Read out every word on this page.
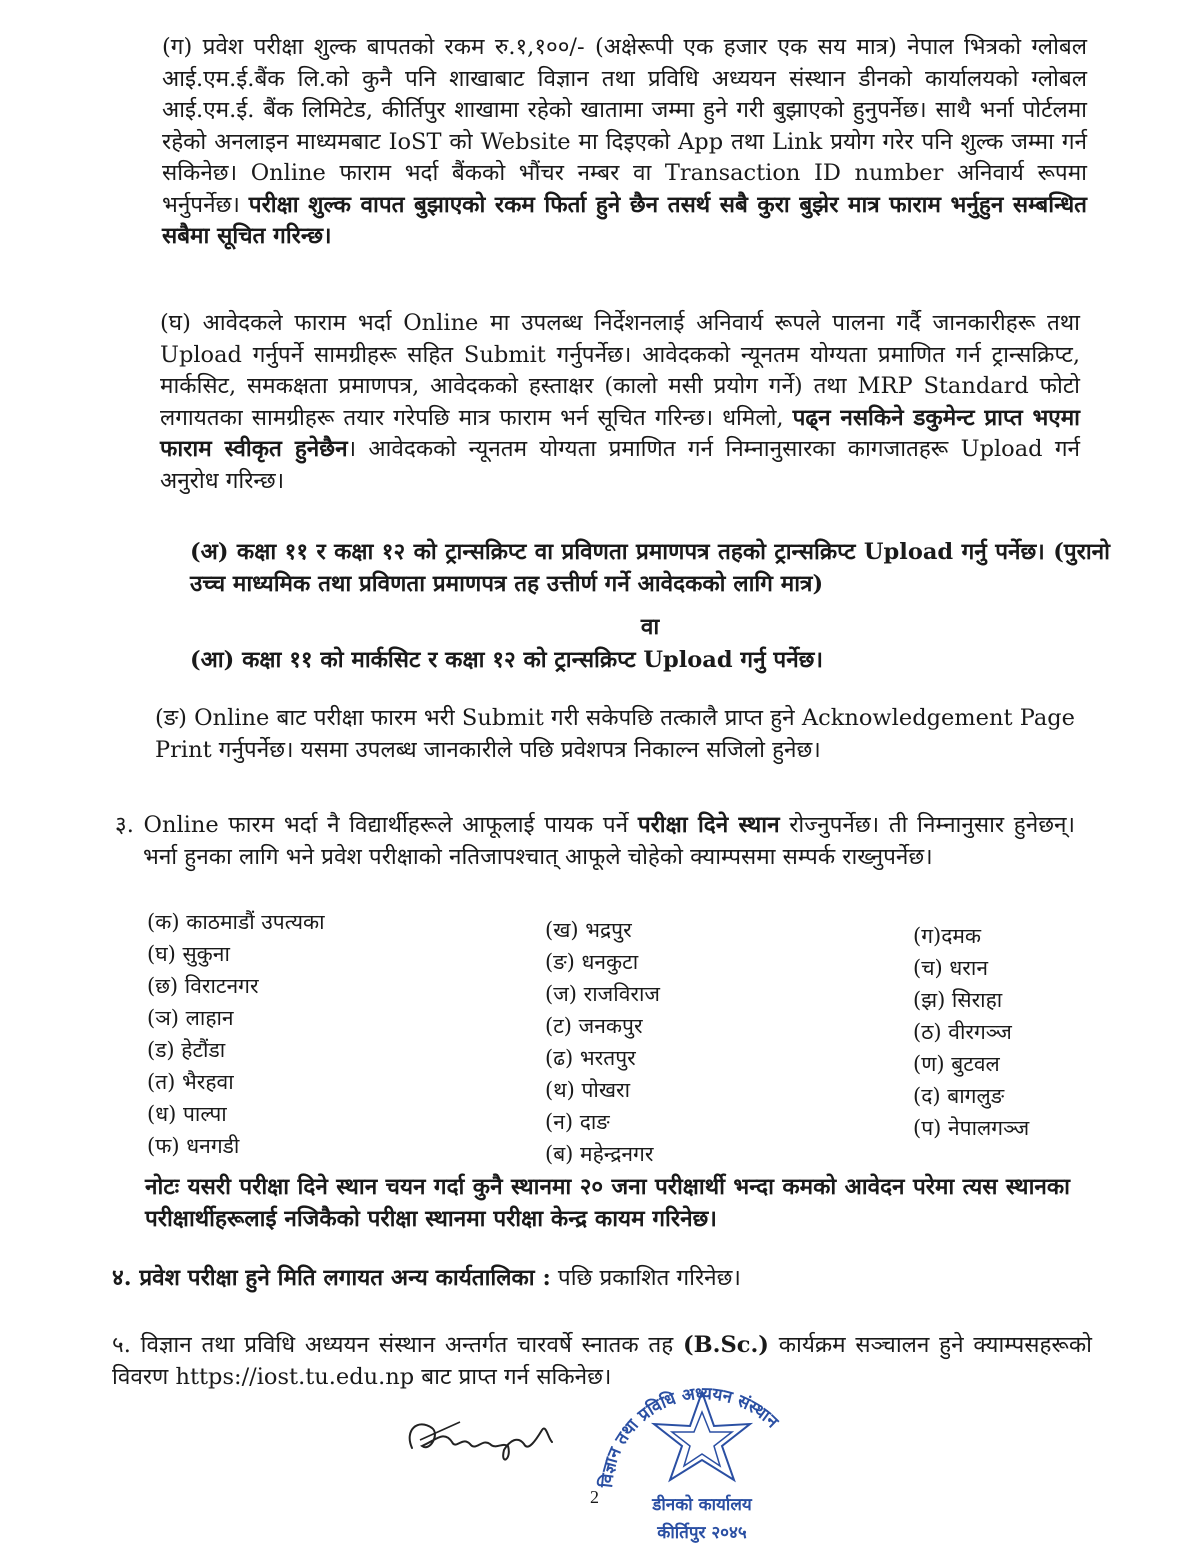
(ग) प्रवेश परीक्षा शुल्क बापतको रकम रु.१,१००/- (अक्षेरूपी एक हजार एक सय मात्र) नेपाल भित्रको ग्लोबल आई.एम.ई.बैंक लि.को कुनै पनि शाखाबाट विज्ञान तथा प्रविधि अध्ययन संस्थान डीनको कार्यालयको ग्लोबल आई.एम.ई. बैंक लिमिटेड, कीर्तिपुर शाखामा रहेको खातामा जम्मा हुने गरी बुझाएको हुनुपर्नेछ। साथै भर्ना पोर्टलमा रहेको अनलाइन माध्यमबाट IoST को Website मा दिइएको App तथा Link प्रयोग गरेर पनि शुल्क जम्मा गर्न सकिनेछ। Online फाराम भर्दा बैंकको भौंचर नम्बर वा Transaction ID number अनिवार्य रूपमा भर्नुपर्नेछ। परीक्षा शुल्क वापत बुझाएको रकम फिर्ता हुने छैन तसर्थ सबै कुरा बुझेर मात्र फाराम भर्नुहुन सम्बन्धित सबैमा सूचित गरिन्छ।
(घ) आवेदकले फाराम भर्दा Online मा उपलब्ध निर्देशनलाई अनिवार्य रूपले पालना गर्दै जानकारीहरू तथा Upload गर्नुपर्ने सामग्रीहरू सहित Submit गर्नुपर्नेछ। आवेदकको न्यूनतम योग्यता प्रमाणित गर्न ट्रान्सक्रिप्ट, मार्कसिट, समकक्षता प्रमाणपत्र, आवेदकको हस्ताक्षर (कालो मसी प्रयोग गर्ने) तथा MRP Standard फोटो लगायतका सामग्रीहरू तयार गरेपछि मात्र फाराम भर्न सूचित गरिन्छ। धमिलो, पढ्न नसकिने डकुमेन्ट प्राप्त भएमा फाराम स्वीकृत हुनेछैन। आवेदकको न्यूनतम योग्यता प्रमाणित गर्न निम्नानुसारका कागजातहरू Upload गर्न अनुरोध गरिन्छ।
(अ) कक्षा ११ र कक्षा १२ को ट्रान्सक्रिप्ट वा प्रविणता प्रमाणपत्र तहको ट्रान्सक्रिप्ट Upload गर्नु पर्नेछ। (पुरानो उच्च माध्यमिक तथा प्रविणता प्रमाणपत्र तह उत्तीर्ण गर्ने आवेदकको लागि मात्र)
वा
(आ) कक्षा ११ को मार्कसिट र कक्षा १२ को ट्रान्सक्रिप्ट Upload गर्नु पर्नेछ।
(ङ) Online बाट परीक्षा फारम भरी Submit गरी सकेपछि तत्कालै प्राप्त हुने Acknowledgement Page Print गर्नुपर्नेछ। यसमा उपलब्ध जानकारीले पछि प्रवेशपत्र निकाल्न सजिलो हुनेछ।
३. Online फारम भर्दा नै विद्यार्थीहरूले आफूलाई पायक पर्ने परीक्षा दिने स्थान रोज्नुपर्नेछ। ती निम्नानुसार हुनेछन्। भर्ना हुनका लागि भने प्रवेश परीक्षाको नतिजापश्चात् आफूले चोहेको क्याम्पसमा सम्पर्क राख्नुपर्नेछ।
(क) काठमाडौं उपत्यका
(घ) सुकुना
(छ) विराटनगर
(ञ) लाहान
(ड) हेटौंडा
(त) भैरहवा
(ध) पाल्पा
(फ) धनगडी
(ख) भद्रपुर
(ङ) धनकुटा
(ज) राजविराज
(ट) जनकपुर
(ढ) भरतपुर
(थ) पोखरा
(न) दाङ
(ब) महेन्द्रनगर
(ग)दमक
(च) धरान
(झ) सिराहा
(ठ) वीरगञ्ज
(ण) बुटवल
(द) बागलुङ
(प) नेपालगञ्ज
नोटः यसरी परीक्षा दिने स्थान चयन गर्दा कुनै स्थानमा २० जना परीक्षार्थी भन्दा कमको आवेदन परेमा त्यस स्थानका परीक्षार्थीहरूलाई नजिकैको परीक्षा स्थानमा परीक्षा केन्द्र कायम गरिनेछ।
४. प्रवेश परीक्षा हुने मिति लगायत अन्य कार्यतालिका : पछि प्रकाशित गरिनेछ।
५. विज्ञान तथा प्रविधि अध्ययन संस्थान अन्तर्गत चारवर्षे स्नातक तह (B.Sc.) कार्यक्रम सञ्चालन हुने क्याम्पसहरूको विवरण https://iost.tu.edu.np बाट प्राप्त गर्न सकिनेछ।
विज्ञान तथा प्रविधि अध्ययन संस्थान
डीनको कार्यालय
कीर्तिपुर २०४५
2
